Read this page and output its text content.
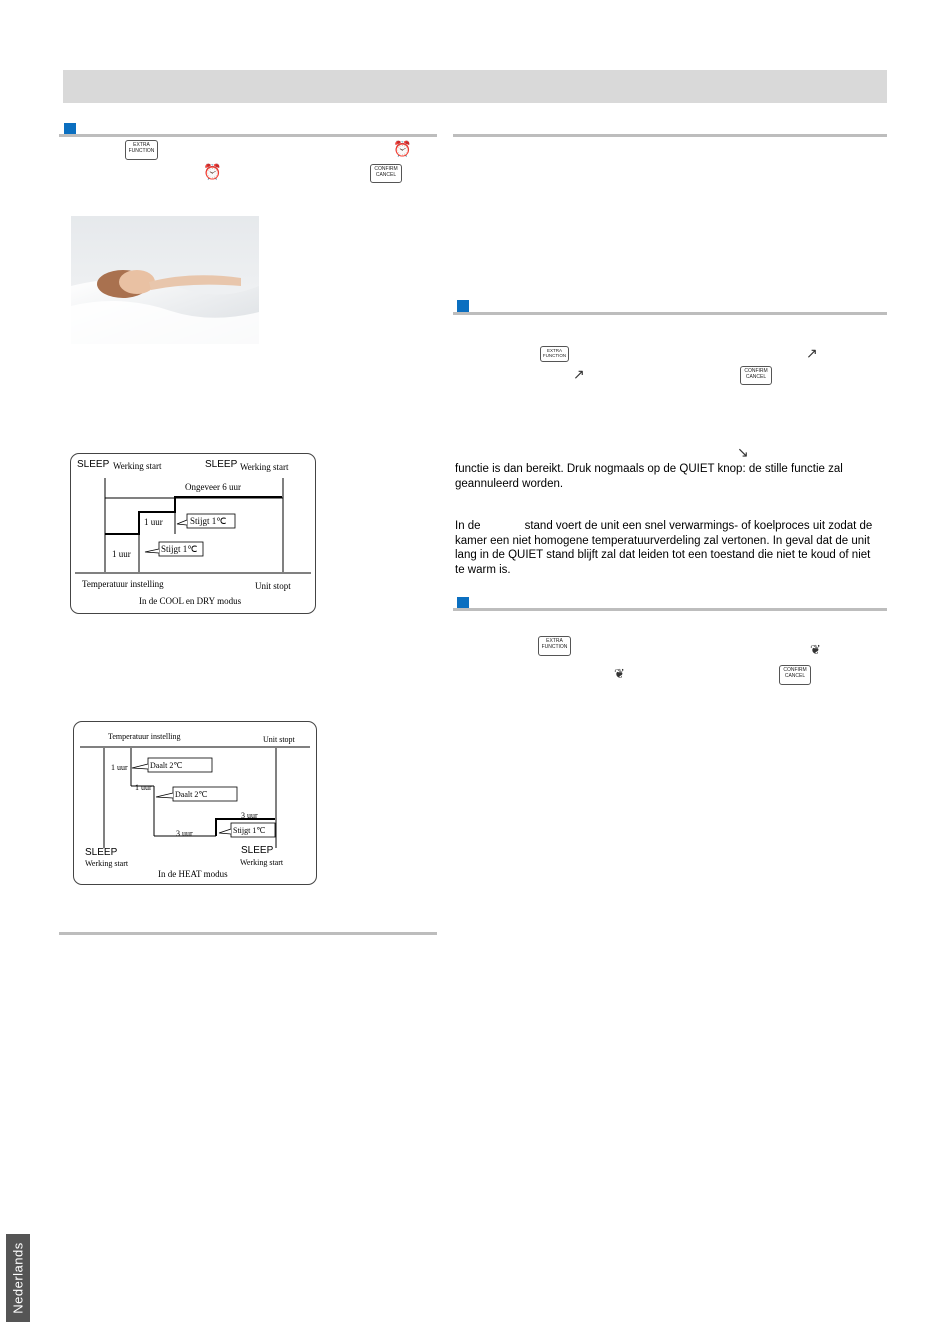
EXTRA
FUNCTION	⏰
⏰	CONFIRM
CANCEL
SLEEP Werking start	SLEEP Werking start
Ongeveer 6 uur
1 uur	Stijgt 1℃
1 uur	Stijgt 1℃
Temperatuur instelling	Unit stopt
In de COOL en DRY modus
Temperatuur instelling	Unit stopt
1 uur	Daalt 2℃
1 uur
Daalt 2℃
3 uur
3 uur	Stijgt 1℃
SLEEP
Werking start
SLEEP
Werking start
In de HEAT modus
EXTRA
FUNCTION	↗
↗	CONFIRM
CANCEL
↘
functie is dan bereikt. Druk nogmaals op de QUIET knop: de stille functie zal
geannuleerd worden.
In de	stand voert de unit een snel verwarmings- of koelproces uit zodat de
kamer een niet homogene temperatuurverdeling zal vertonen. In geval dat de unit
lang in de QUIET stand blijft zal dat leiden tot een toestand die niet te koud of niet
te warm is.
EXTRA
FUNCTION	❦
❦	CONFIRM
CANCEL
Nederlands
